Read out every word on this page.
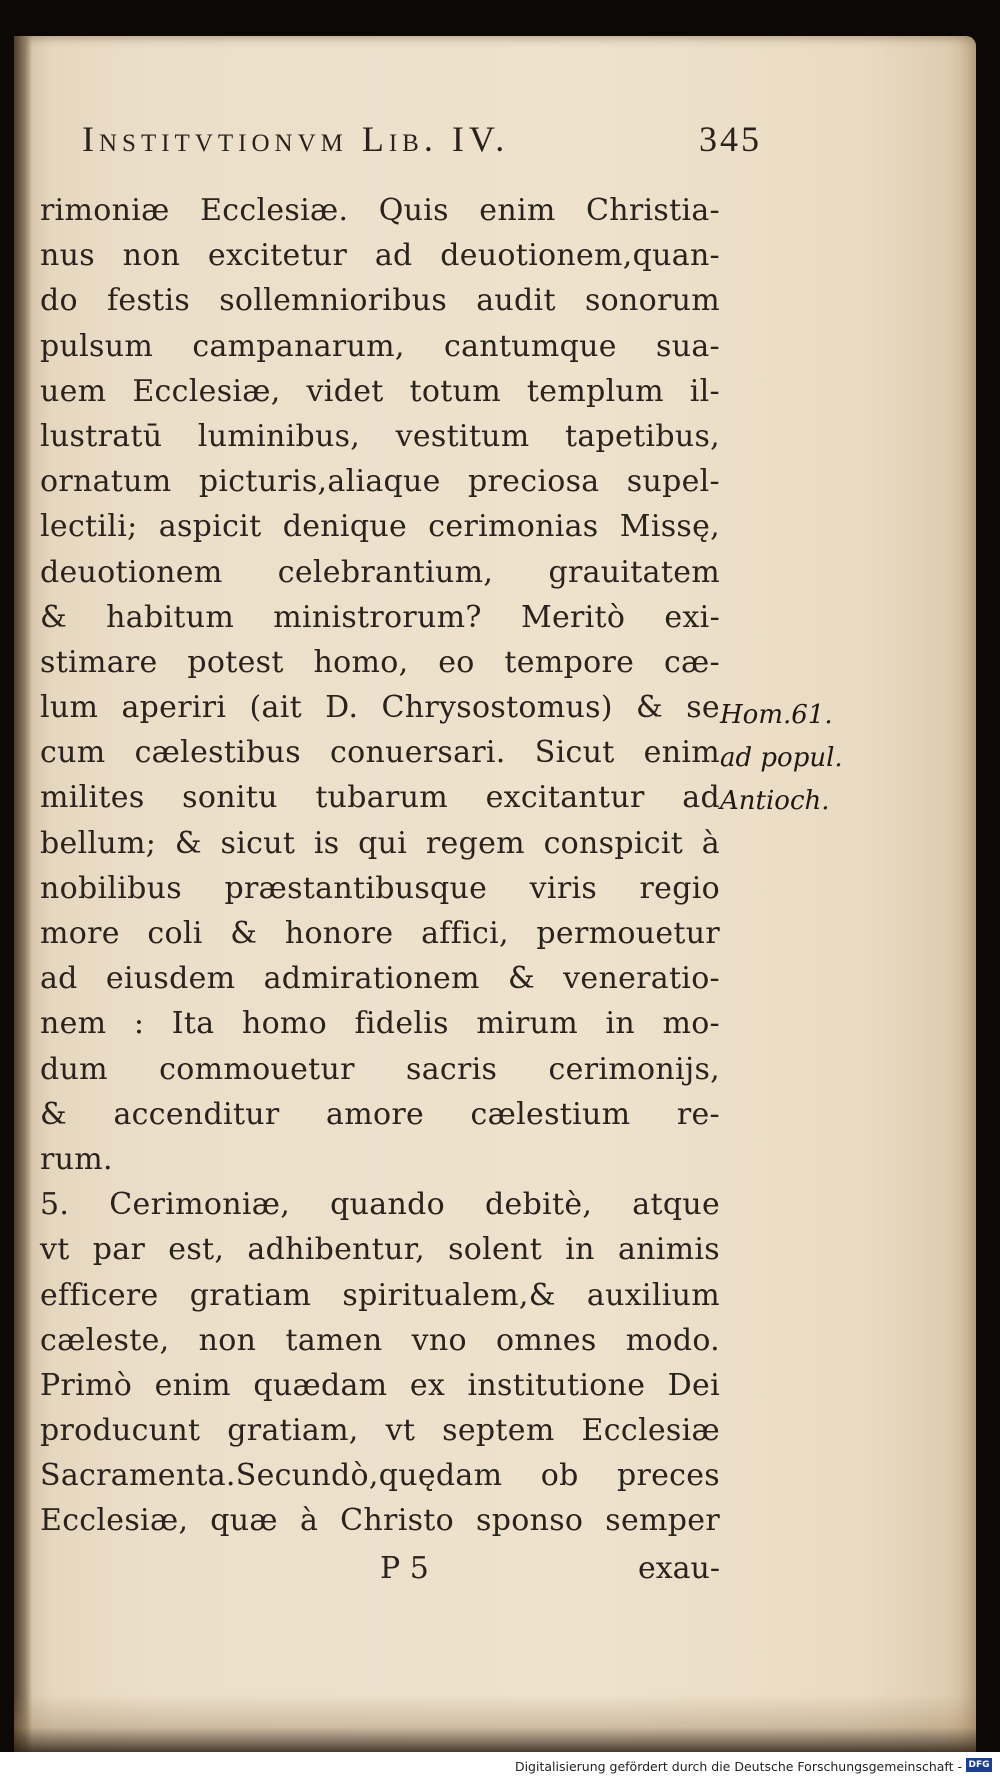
Institvtionvm Lib. IV.	345
rimoniæ Ecclesiæ. Quis enim Christia-
nus non excitetur ad deuotionem,quan-
do festis sollemnioribus audit sonorum
pulsum campanarum, cantumque sua-
uem Ecclesiæ, videt totum templum il-
lustratū luminibus, vestitum tapetibus,
ornatum picturis,aliaque preciosa supel-
lectili; aspicit denique cerimonias Missę,
deuotionem celebrantium, grauitatem
& habitum ministrorum? Meritò exi-
stimare potest homo, eo tempore cæ-
lum aperiri (ait D. Chrysostomus) & se
cum cælestibus conuersari. Sicut enim
milites sonitu tubarum excitantur ad
bellum; & sicut is qui regem conspicit à
nobilibus præstantibusque viris regio
more coli & honore affici, permouetur
ad eiusdem admirationem & veneratio-
nem : Ita homo fidelis mirum in mo-
dum commouetur sacris cerimonijs,
& accenditur amore cælestium re-
rum.
5. Cerimoniæ, quando debitè, atque
vt par est, adhibentur, solent in animis
efficere gratiam spiritualem,& auxilium
cæleste, non tamen vno omnes modo.
Primò enim quædam ex institutione Dei
producunt gratiam, vt septem Ecclesiæ
Sacramenta.Secundò,quędam ob preces
Ecclesiæ, quæ à Christo sponso semper
P 5	exau-
Hom.61.
ad popul.
Antioch.
Digitalisierung gefördert durch die Deutsche Forschungsgemeinschaft - DFG
